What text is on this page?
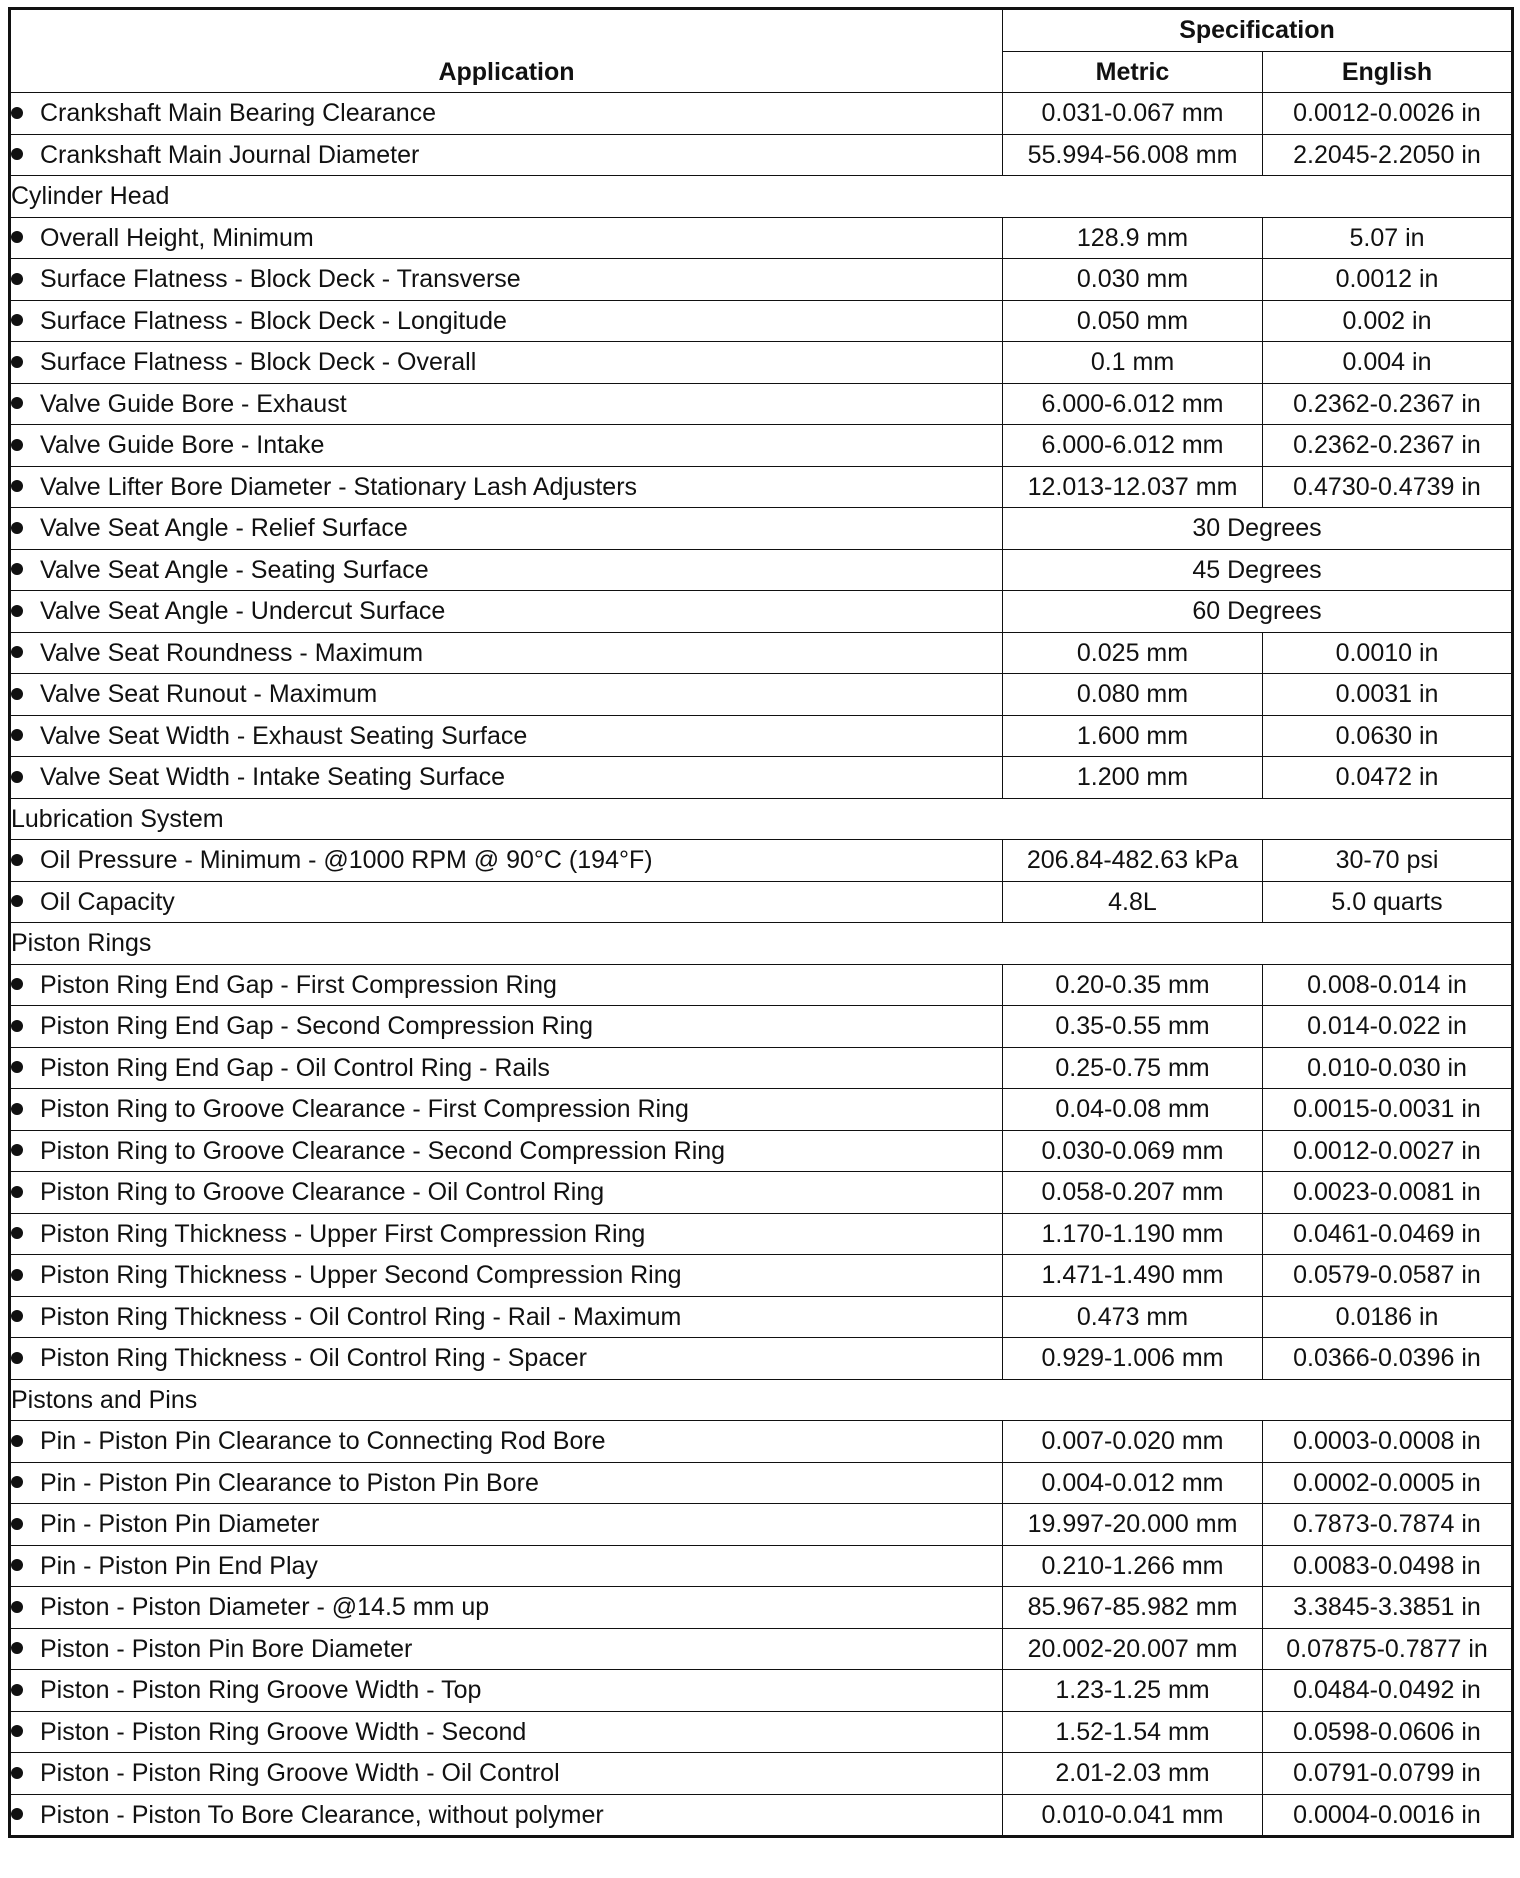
Application	Specification	
	Metric	English
Crankshaft Main Bearing Clearance	0.031-0.067 mm	0.0012-0.0026 in
Crankshaft Main Journal Diameter	55.994-56.008 mm	2.2045-2.2050 in
Cylinder Head		
Overall Height, Minimum	128.9 mm	5.07 in
Surface Flatness - Block Deck - Transverse	0.030 mm	0.0012 in
Surface Flatness - Block Deck - Longitude	0.050 mm	0.002 in
Surface Flatness - Block Deck - Overall	0.1 mm	0.004 in
Valve Guide Bore - Exhaust	6.000-6.012 mm	0.2362-0.2367 in
Valve Guide Bore - Intake	6.000-6.012 mm	0.2362-0.2367 in
Valve Lifter Bore Diameter - Stationary Lash Adjusters	12.013-12.037 mm	0.4730-0.4739 in
Valve Seat Angle - Relief Surface	30 Degrees	
Valve Seat Angle - Seating Surface	45 Degrees	
Valve Seat Angle - Undercut Surface	60 Degrees	
Valve Seat Roundness - Maximum	0.025 mm	0.0010 in
Valve Seat Runout - Maximum	0.080 mm	0.0031 in
Valve Seat Width - Exhaust Seating Surface	1.600 mm	0.0630 in
Valve Seat Width - Intake Seating Surface	1.200 mm	0.0472 in
Lubrication System		
Oil Pressure - Minimum - @1000 RPM @ 90°C (194°F)	206.84-482.63 kPa	30-70 psi
Oil Capacity	4.8L	5.0 quarts
Piston Rings		
Piston Ring End Gap - First Compression Ring	0.20-0.35 mm	0.008-0.014 in
Piston Ring End Gap - Second Compression Ring	0.35-0.55 mm	0.014-0.022 in
Piston Ring End Gap - Oil Control Ring - Rails	0.25-0.75 mm	0.010-0.030 in
Piston Ring to Groove Clearance - First Compression Ring	0.04-0.08 mm	0.0015-0.0031 in
Piston Ring to Groove Clearance - Second Compression Ring	0.030-0.069 mm	0.0012-0.0027 in
Piston Ring to Groove Clearance - Oil Control Ring	0.058-0.207 mm	0.0023-0.0081 in
Piston Ring Thickness - Upper First Compression Ring	1.170-1.190 mm	0.0461-0.0469 in
Piston Ring Thickness - Upper Second Compression Ring	1.471-1.490 mm	0.0579-0.0587 in
Piston Ring Thickness - Oil Control Ring - Rail - Maximum	0.473 mm	0.0186 in
Piston Ring Thickness - Oil Control Ring - Spacer	0.929-1.006 mm	0.0366-0.0396 in
Pistons and Pins		
Pin - Piston Pin Clearance to Connecting Rod Bore	0.007-0.020 mm	0.0003-0.0008 in
Pin - Piston Pin Clearance to Piston Pin Bore	0.004-0.012 mm	0.0002-0.0005 in
Pin - Piston Pin Diameter	19.997-20.000 mm	0.7873-0.7874 in
Pin - Piston Pin End Play	0.210-1.266 mm	0.0083-0.0498 in
Piston - Piston Diameter - @14.5 mm up	85.967-85.982 mm	3.3845-3.3851 in
Piston - Piston Pin Bore Diameter	20.002-20.007 mm	0.07875-0.7877 in
Piston - Piston Ring Groove Width - Top	1.23-1.25 mm	0.0484-0.0492 in
Piston - Piston Ring Groove Width - Second	1.52-1.54 mm	0.0598-0.0606 in
Piston - Piston Ring Groove Width - Oil Control	2.01-2.03 mm	0.0791-0.0799 in
Piston - Piston To Bore Clearance, without polymer	0.010-0.041 mm	0.0004-0.0016 in
